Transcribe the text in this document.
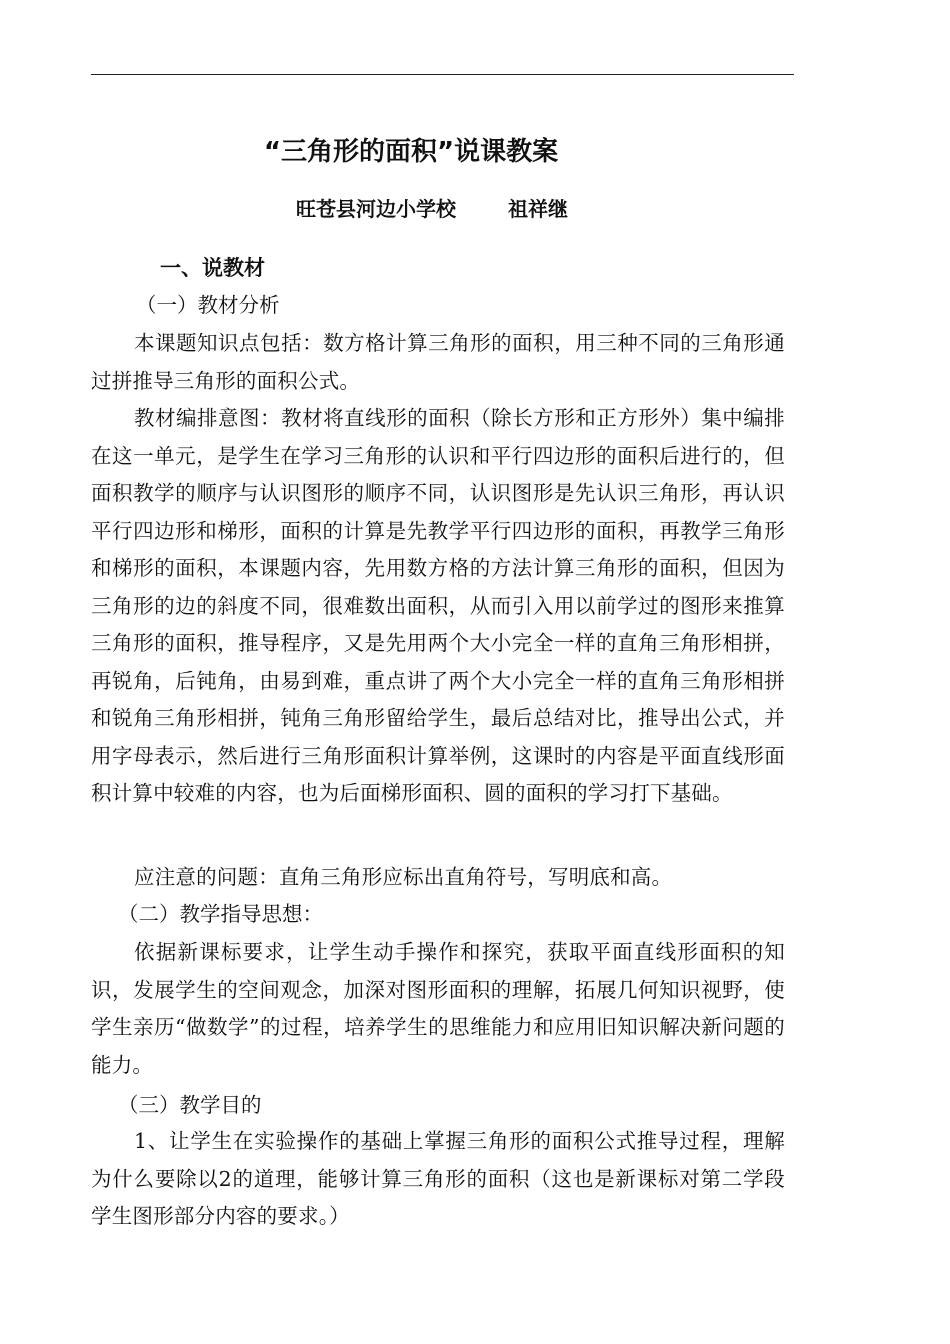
“三角形的面积”说课教案
旺苍县河边小学校	祖祥继
一、说教材
（一）教材分析

本课题知识点包括：数方格计算三角形的面积，用三种不同的三角形通过拼推导三角形的面积公式。

教材编排意图：教材将直线形的面积（除长方形和正方形外）集中编排在这一单元，是学生在学习三角形的认识和平行四边形的面积后进行的，但面积教学的顺序与认识图形的顺序不同，认识图形是先认识三角形，再认识平行四边形和梯形，面积的计算是先教学平行四边形的面积，再教学三角形和梯形的面积，本课题内容，先用数方格的方法计算三角形的面积，但因为三角形的边的斜度不同，很难数出面积，从而引入用以前学过的图形来推算三角形的面积，推导程序，又是先用两个大小完全一样的直角三角形相拼，再锐角，后钝角，由易到难，重点讲了两个大小完全一样的直角三角形相拼和锐角三角形相拼，钝角三角形留给学生，最后总结对比，推导出公式，并用字母表示，然后进行三角形面积计算举例，这课时的内容是平面直线形面积计算中较难的内容，也为后面梯形面积、圆的面积的学习打下基础。

应注意的问题：直角三角形应标出直角符号，写明底和高。

（二）教学指导思想：

依据新课标要求，让学生动手操作和探究，获取平面直线形面积的知识，发展学生的空间观念，加深对图形面积的理解，拓展几何知识视野，使学生亲历“做数学”的过程，培养学生的思维能力和应用旧知识解决新问题的能力。

（三）教学目的

1、让学生在实验操作的基础上掌握三角形的面积公式推导过程，理解为什么要除以2的道理，能够计算三角形的面积（这也是新课标对第二学段学生图形部分内容的要求。）
